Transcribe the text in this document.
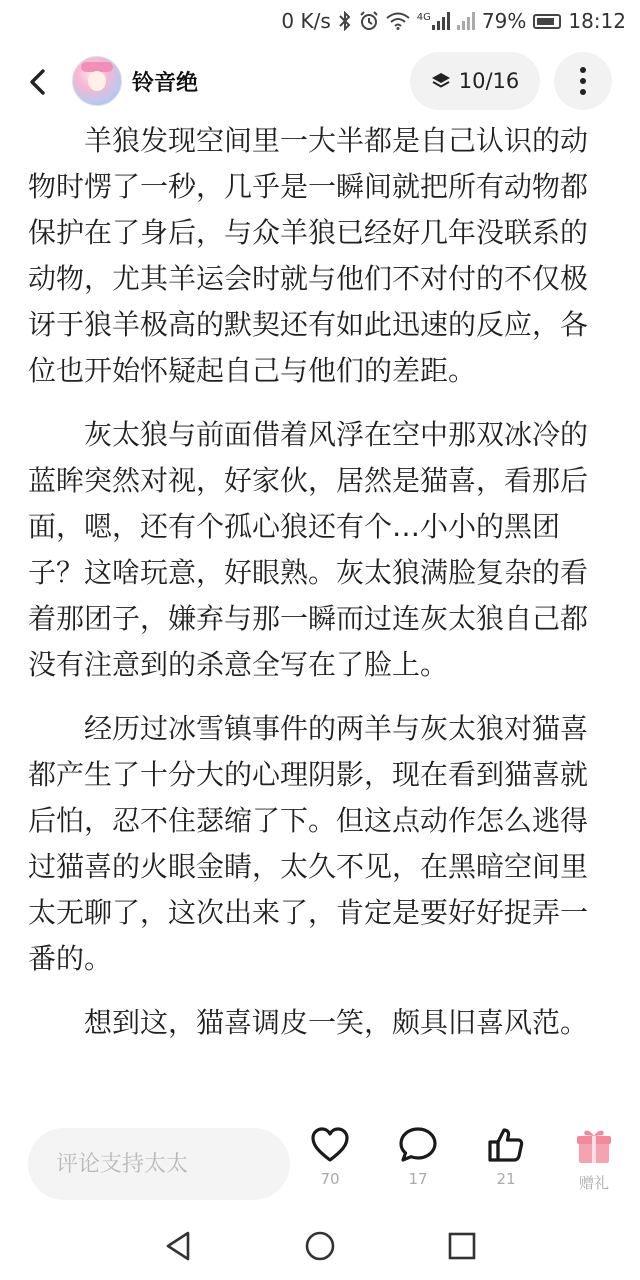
0 K/s	4G	79% 18:12
铃音绝	10/16

羊狼发现空间里一大半都是自己认识的动物时愣了一秒，几乎是一瞬间就把所有动物都保护在了身后，与众羊狼已经好几年没联系的动物，尤其羊运会时就与他们不对付的不仅极讶于狼羊极高的默契还有如此迅速的反应，各位也开始怀疑起自己与他们的差距。

灰太狼与前面借着风浮在空中那双冰冷的蓝眸突然对视，好家伙，居然是猫喜，看那后面，嗯，还有个孤心狼还有个…小小的黑团子？这啥玩意，好眼熟。灰太狼满脸复杂的看着那团子，嫌弃与那一瞬而过连灰太狼自己都没有注意到的杀意全写在了脸上。

经历过冰雪镇事件的两羊与灰太狼对猫喜都产生了十分大的心理阴影，现在看到猫喜就后怕，忍不住瑟缩了下。但这点动作怎么逃得过猫喜的火眼金睛，太久不见，在黑暗空间里太无聊了，这次出来了，肯定是要好好捉弄一番的。

想到这，猫喜调皮一笑，颇具旧喜风范。

评论支持太太
70	17	21	赠礼
